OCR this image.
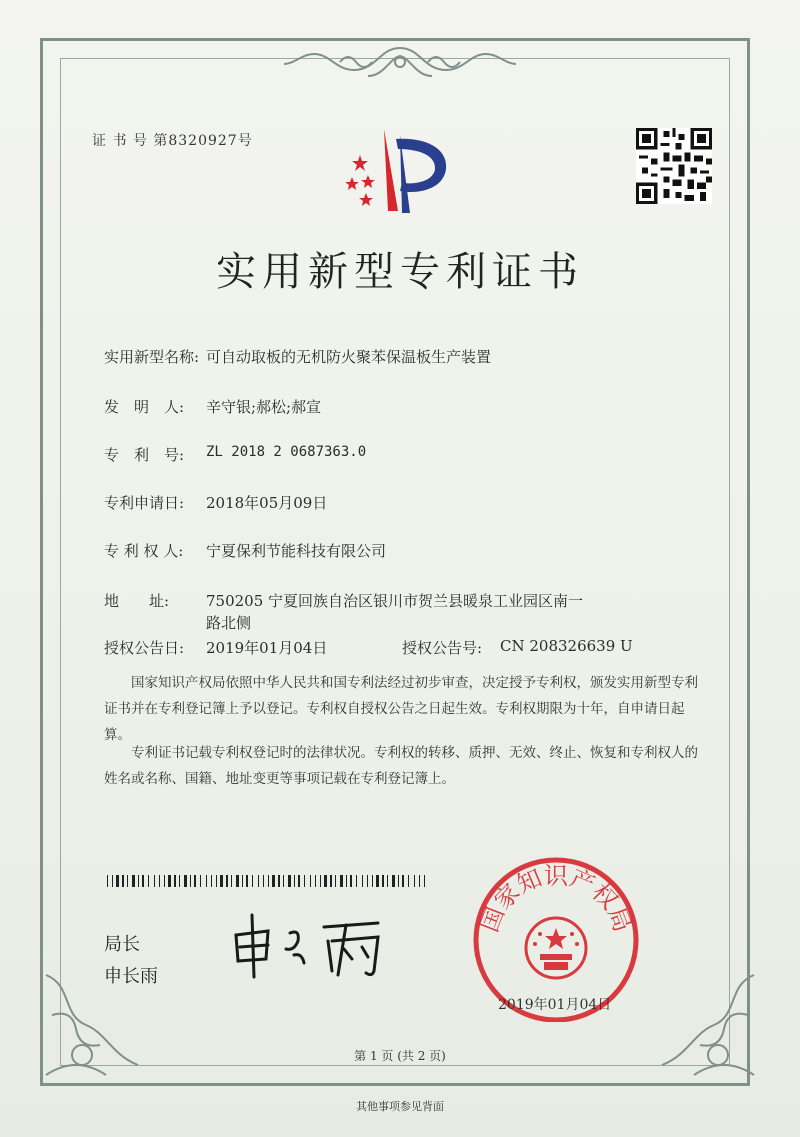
证 书 号 第8320927号
实用新型专利证书
实用新型名称: 可自动取板的无机防火聚苯保温板生产装置
发　明　人: 辛守银;郝松;郝宣
专　利　号: ZL 2018 2 0687363.0
专利申请日: 2018年05月09日
专 利 权 人: 宁夏保利节能科技有限公司
地　　址: 750205 宁夏回族自治区银川市贺兰县暖泉工业园区南一
路北侧
授权公告日: 2019年01月04日	授权公告号: CN 208326639 U
国家知识产权局依照中华人民共和国专利法经过初步审查，决定授予专利权，颁发实用新型专利证书并在专利登记簿上予以登记。专利权自授权公告之日起生效。专利权期限为十年，自申请日起算。
专利证书记载专利权登记时的法律状况。专利权的转移、质押、无效、终止、恢复和专利权人的姓名或名称、国籍、地址变更等事项记载在专利登记簿上。
局长
申长雨
国家知识产权局
2019年01月04日
第 1 页 (共 2 页)
其他事项参见背面
